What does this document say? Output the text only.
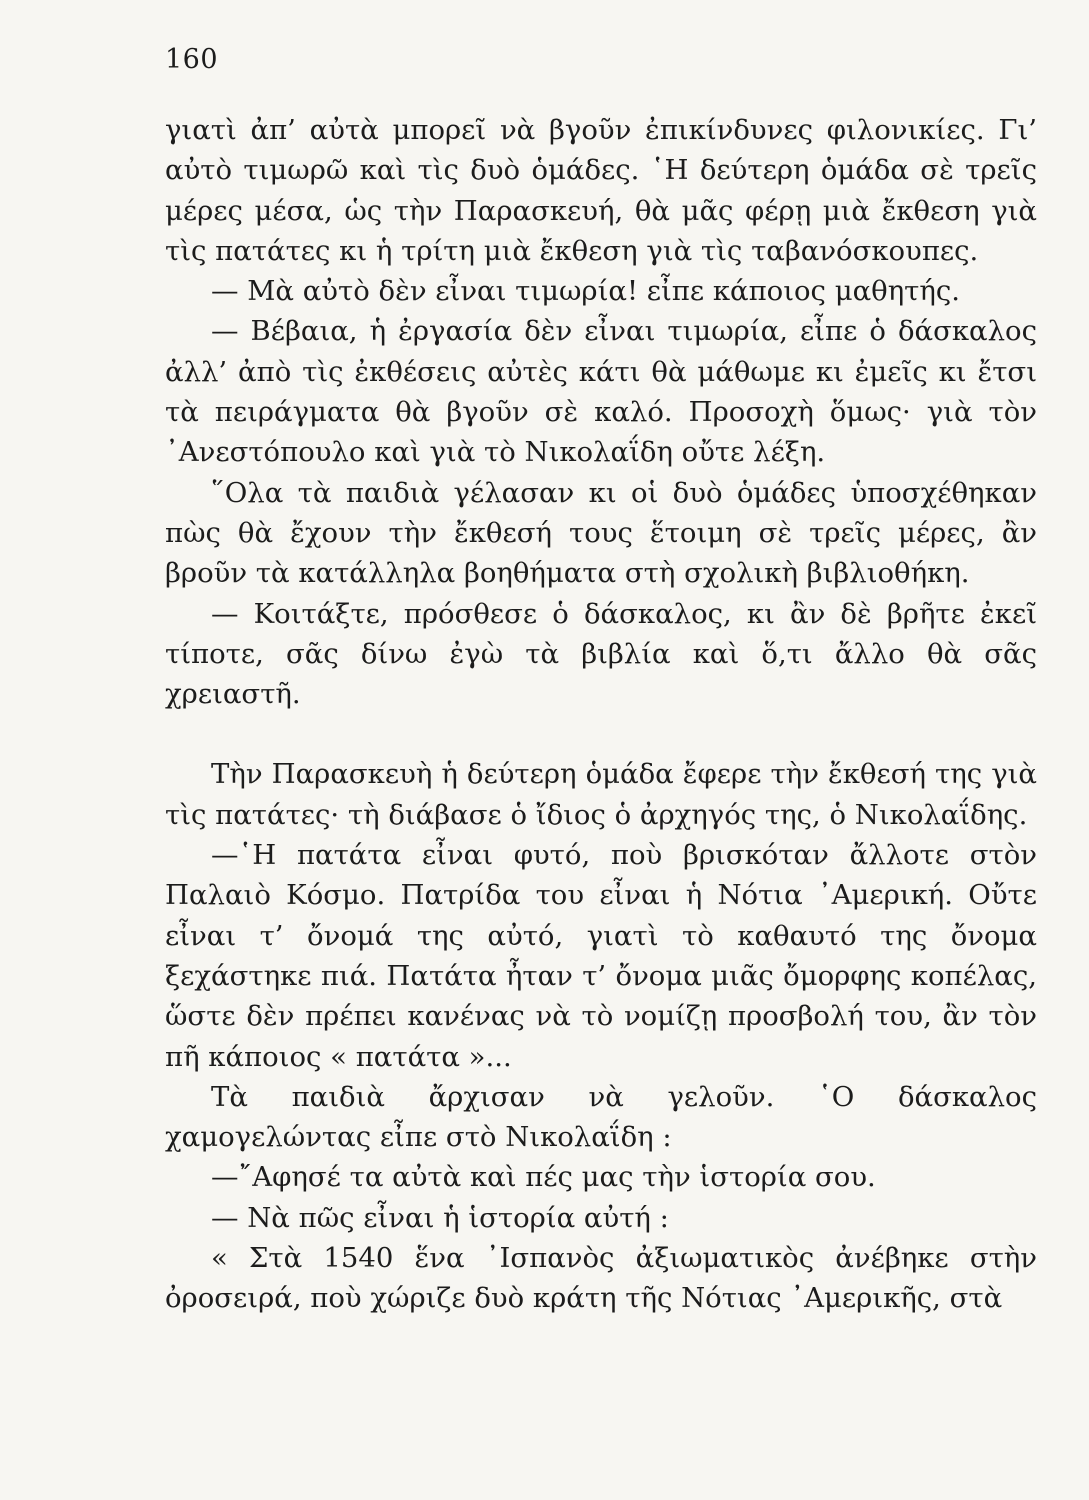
160

γιατὶ ἀπ’ αὐτὰ μπορεῖ νὰ βγοῦν ἐπικίνδυνες φιλονικίες. Γι’ αὐτὸ τιμωρῶ καὶ τὶς δυὸ ὁμάδες. ῾Η δεύτερη ὁμάδα σὲ τρεῖς μέρες μέσα, ὡς τὴν Παρασκευή, θὰ μᾶς φέρῃ μιὰ ἔκθεση γιὰ τὶς πατάτες κι ἡ τρίτη μιὰ ἔκθεση γιὰ τὶς ταβανόσκουπες.

— Μὰ αὐτὸ δὲν εἶναι τιμωρία! εἶπε κάποιος μαθητής.

— Βέβαια, ἡ ἐργασία δὲν εἶναι τιμωρία, εἶπε ὁ δάσκαλος ἀλλ’ ἀπὸ τὶς ἐκθέσεις αὐτὲς κάτι θὰ μάθωμε κι ἐμεῖς κι ἔτσι τὰ πειράγματα θὰ βγοῦν σὲ καλό. Προσοχὴ ὅμως· γιὰ τὸν ᾿Ανεστόπουλο καὶ γιὰ τὸ Νικολαΐδη οὔτε λέξη.

῞Ολα τὰ παιδιὰ γέλασαν κι οἱ δυὸ ὁμάδες ὑποσχέθηκαν πὼς θὰ ἔχουν τὴν ἔκθεσή τους ἕτοιμη σὲ τρεῖς μέρες, ἂν βροῦν τὰ κατάλληλα βοηθήματα στὴ σχολικὴ βιβλιοθήκη.

— Κοιτάξτε, πρόσθεσε ὁ δάσκαλος, κι ἂν δὲ βρῆτε ἐκεῖ τίποτε, σᾶς δίνω ἐγὼ τὰ βιβλία καὶ ὅ,τι ἄλλο θὰ σᾶς χρειαστῆ.

Τὴν Παρασκευὴ ἡ δεύτερη ὁμάδα ἔφερε τὴν ἔκθεσή της γιὰ τὶς πατάτες· τὴ διάβασε ὁ ἴδιος ὁ ἀρχηγός της, ὁ Νικολαΐδης.

—῾Η πατάτα εἶναι φυτό, ποὺ βρισκόταν ἄλλοτε στὸν Παλαιὸ Κόσμο. Πατρίδα του εἶναι ἡ Νότια ᾿Αμερική. Οὔτε εἶναι τ’ ὄνομά της αὐτό, γιατὶ τὸ καθαυτό της ὄνομα ξεχάστηκε πιά. Πατάτα ἦταν τ’ ὄνομα μιᾶς ὄμορφης κοπέλας, ὥστε δὲν πρέπει κανένας νὰ τὸ νομίζῃ προσβολή του, ἂν τὸν πῆ κάποιος « πατάτα »...

Τὰ παιδιὰ ἄρχισαν νὰ γελοῦν. ῾Ο δάσκαλος χαμογελώντας εἶπε στὸ Νικολαΐδη :

—῎Αφησέ τα αὐτὰ καὶ πές μας τὴν ἱστορία σου.

— Νὰ πῶς εἶναι ἡ ἱστορία αὐτή :

« Στὰ 1540 ἕνα ᾿Ισπανὸς ἀξιωματικὸς ἀνέβηκε στὴν ὀροσειρά, ποὺ χώριζε δυὸ κράτη τῆς Νότιας ᾿Αμερικῆς, στὰ
